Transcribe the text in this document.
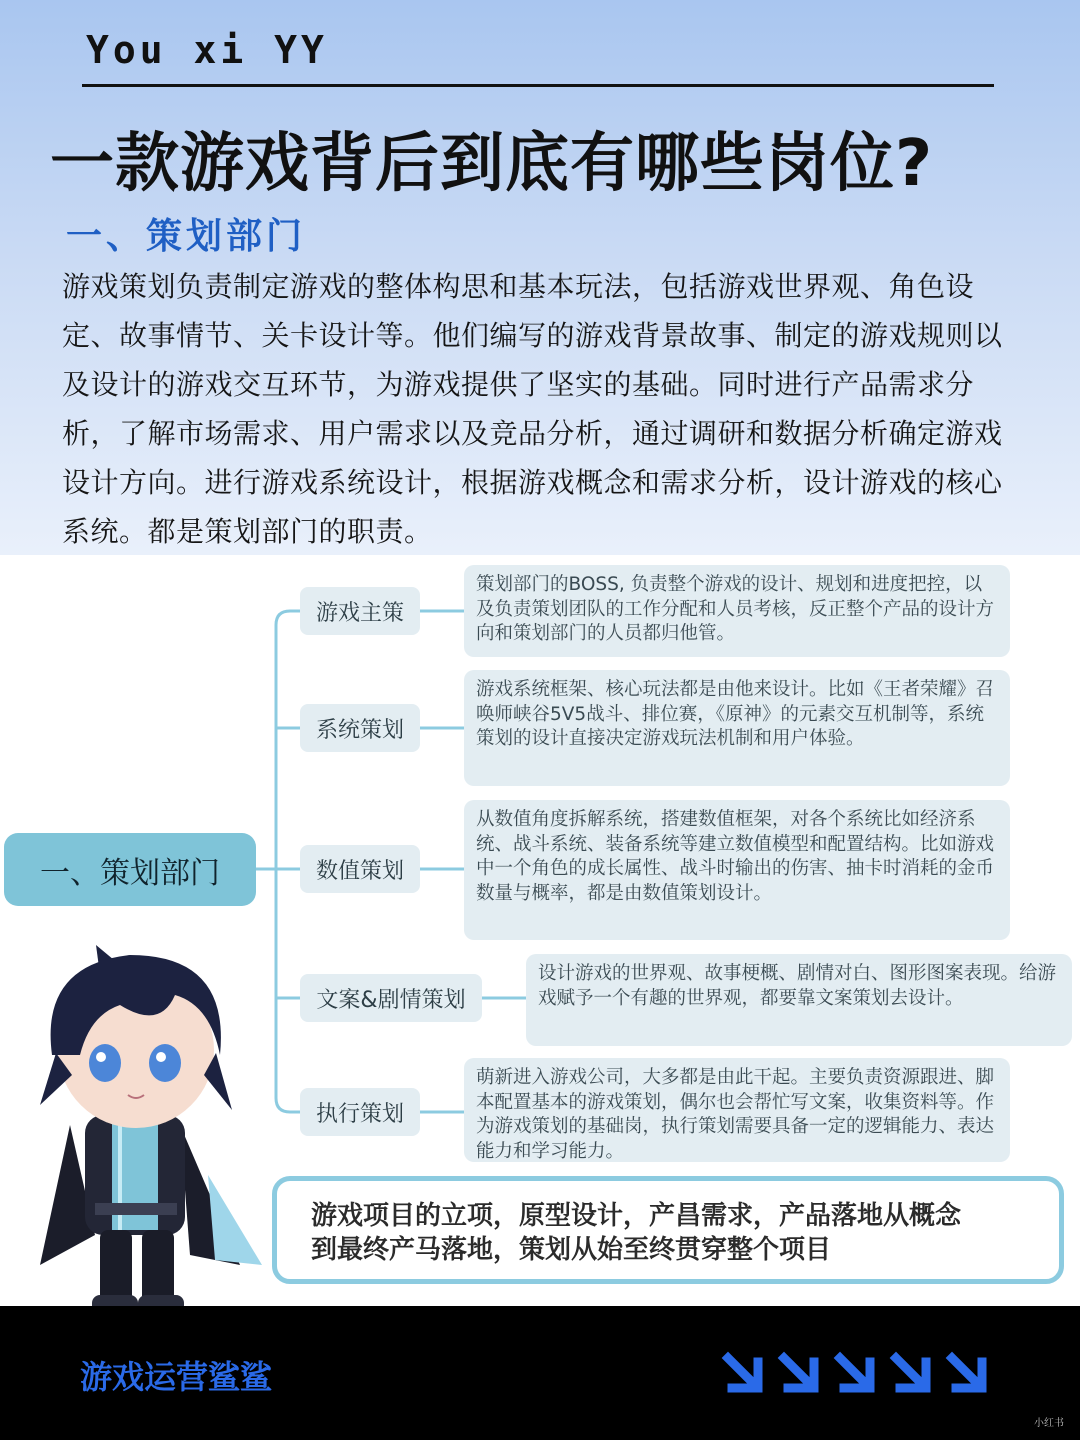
You xi YY
一款游戏背后到底有哪些岗位?
一、策划部门
游戏策划负责制定游戏的整体构思和基本玩法，包括游戏世界观、角色设定、故事情节、关卡设计等。他们编写的游戏背景故事、制定的游戏规则以及设计的游戏交互环节，为游戏提供了坚实的基础。同时进行产品需求分析，了解市场需求、用户需求以及竞品分析，通过调研和数据分析确定游戏设计方向。进行游戏系统设计，根据游戏概念和需求分析，设计游戏的核心系统。都是策划部门的职责。
一、策划部门
游戏主策
策划部门的BOSS, 负责整个游戏的设计、规划和进度把控，以及负责策划团队的工作分配和人员考核，反正整个产品的设计方向和策划部门的人员都归他管。
系统策划
游戏系统框架、核心玩法都是由他来设计。比如《王者荣耀》召唤师峡谷5V5战斗、排位赛，《原神》的元素交互机制等，系统策划的设计直接决定游戏玩法机制和用户体验。
数值策划
从数值角度拆解系统，搭建数值框架，对各个系统比如经济系统、战斗系统、装备系统等建立数值模型和配置结构。比如游戏中一个角色的成长属性、战斗时输出的伤害、抽卡时消耗的金币数量与概率，都是由数值策划设计。
文案&剧情策划
设计游戏的世界观、故事梗概、剧情对白、图形图案表现。给游戏赋予一个有趣的世界观，都要靠文案策划去设计。
执行策划
萌新进入游戏公司，大多都是由此干起。主要负责资源跟进、脚本配置基本的游戏策划，偶尔也会帮忙写文案，收集资料等。作为游戏策划的基础岗，执行策划需要具备一定的逻辑能力、表达能力和学习能力。
游戏项目的立项，原型设计，产昌需求，产品落地从概念
到最终产马落地，策划从始至终贯穿整个项目
游戏运营鲨鲨
小红书
